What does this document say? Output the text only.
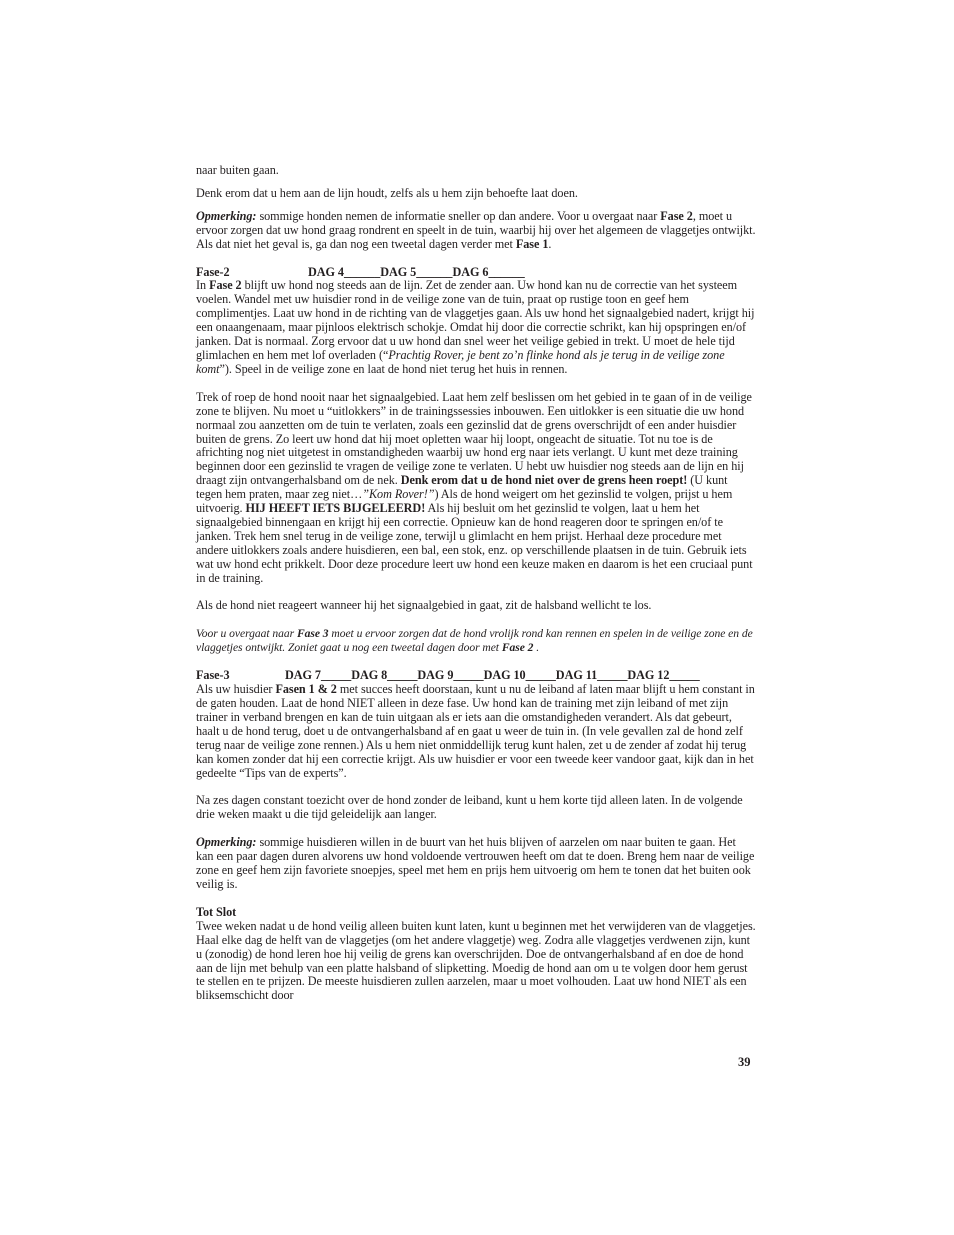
naar buiten gaan.

Denk erom dat u hem aan de lijn houdt, zelfs als u hem zijn behoefte laat doen.

Opmerking: sommige honden nemen de informatie sneller op dan andere. Voor u overgaat naar Fase 2, moet u ervoor zorgen dat uw hond graag rondrent en speelt in de tuin, waarbij hij over het algemeen de vlaggetjes ontwijkt. Als dat niet het geval is, ga dan nog een tweetal dagen verder met Fase 1.

Fase-2	DAG 4______DAG 5______DAG 6______

In Fase 2 blijft uw hond nog steeds aan de lijn. Zet de zender aan. Uw hond kan nu de correctie van het systeem voelen. Wandel met uw huisdier rond in de veilige zone van de tuin, praat op rustige toon en geef hem complimentjes. Laat uw hond in de richting van de vlaggetjes gaan. Als uw hond het signaalgebied nadert, krijgt hij een onaangenaam, maar pijnloos elektrisch schokje. Omdat hij door die correctie schrikt, kan hij opspringen en/of janken. Dat is normaal. Zorg ervoor dat u uw hond dan snel weer het veilige gebied in trekt. U moet de hele tijd glimlachen en hem met lof overladen (“Prachtig Rover, je bent zo’n flinke hond als je terug in de veilige zone komt”). Speel in de veilige zone en laat de hond niet terug het huis in rennen.

Trek of roep de hond nooit naar het signaalgebied. Laat hem zelf beslissen om het gebied in te gaan of in de veilige zone te blijven. Nu moet u “uitlokkers” in de trainingssessies inbouwen. Een uitlokker is een situatie die uw hond normaal zou aanzetten om de tuin te verlaten, zoals een gezinslid dat de grens overschrijdt of een ander huisdier buiten de grens. Zo leert uw hond dat hij moet opletten waar hij loopt, ongeacht de situatie. Tot nu toe is de africhting nog niet uitgetest in omstandigheden waarbij uw hond erg naar iets verlangt. U kunt met deze training beginnen door een gezinslid te vragen de veilige zone te verlaten. U hebt uw huisdier nog steeds aan de lijn en hij draagt zijn ontvangerhalsband om de nek. Denk erom dat u de hond niet over de grens heen roept! (U kunt tegen hem praten, maar zeg niet…”Kom Rover!”) Als de hond weigert om het gezinslid te volgen, prijst u hem uitvoerig. HIJ HEEFT IETS BIJGELEERD! Als hij besluit om het gezinslid te volgen, laat u hem het signaalgebied binnengaan en krijgt hij een correctie. Opnieuw kan de hond reageren door te springen en/of te janken. Trek hem snel terug in de veilige zone, terwijl u glimlacht en hem prijst. Herhaal deze procedure met andere uitlokkers zoals andere huisdieren, een bal, een stok, enz. op verschillende plaatsen in de tuin. Gebruik iets wat uw hond echt prikkelt. Door deze procedure leert uw hond een keuze maken en daarom is het een cruciaal punt in de training.

Als de hond niet reageert wanneer hij het signaalgebied in gaat, zit de halsband wellicht te los.

Voor u overgaat naar Fase 3 moet u ervoor zorgen dat de hond vrolijk rond kan rennen en spelen in de veilige zone en de vlaggetjes ontwijkt. Zoniet gaat u nog een tweetal dagen door met Fase 2 .

Fase-3	DAG 7_____DAG 8_____DAG 9_____DAG 10_____DAG 11_____DAG 12_____

Als uw huisdier Fasen 1 & 2 met succes heeft doorstaan, kunt u nu de leiband af laten maar blijft u hem constant in de gaten houden. Laat de hond NIET alleen in deze fase. Uw hond kan de training met zijn leiband of met zijn trainer in verband brengen en kan de tuin uitgaan als er iets aan die omstandigheden verandert. Als dat gebeurt, haalt u de hond terug, doet u de ontvangerhalsband af en gaat u weer de tuin in. (In vele gevallen zal de hond zelf terug naar de veilige zone rennen.) Als u hem niet onmiddellijk terug kunt halen, zet u de zender af zodat hij terug kan komen zonder dat hij een correctie krijgt. Als uw huisdier er voor een tweede keer vandoor gaat, kijk dan in het gedeelte “Tips van de experts”.

Na zes dagen constant toezicht over de hond zonder de leiband, kunt u hem korte tijd alleen laten. In de volgende drie weken maakt u die tijd geleidelijk aan langer.

Opmerking: sommige huisdieren willen in de buurt van het huis blijven of aarzelen om naar buiten te gaan. Het kan een paar dagen duren alvorens uw hond voldoende vertrouwen heeft om dat te doen. Breng hem naar de veilige zone en geef hem zijn favoriete snoepjes, speel met hem en prijs hem uitvoerig om hem te tonen dat het buiten ook veilig is.

Tot Slot

Twee weken nadat u de hond veilig alleen buiten kunt laten, kunt u beginnen met het verwijderen van de vlaggetjes. Haal elke dag de helft van de vlaggetjes (om het andere vlaggetje) weg. Zodra alle vlaggetjes verdwenen zijn, kunt u (zonodig) de hond leren hoe hij veilig de grens kan overschrijden. Doe de ontvangerhalsband af en doe de hond aan de lijn met behulp van een platte halsband of slipketting. Moedig de hond aan om u te volgen door hem gerust te stellen en te prijzen. De meeste huisdieren zullen aarzelen, maar u moet volhouden. Laat uw hond NIET als een bliksemschicht door

39
